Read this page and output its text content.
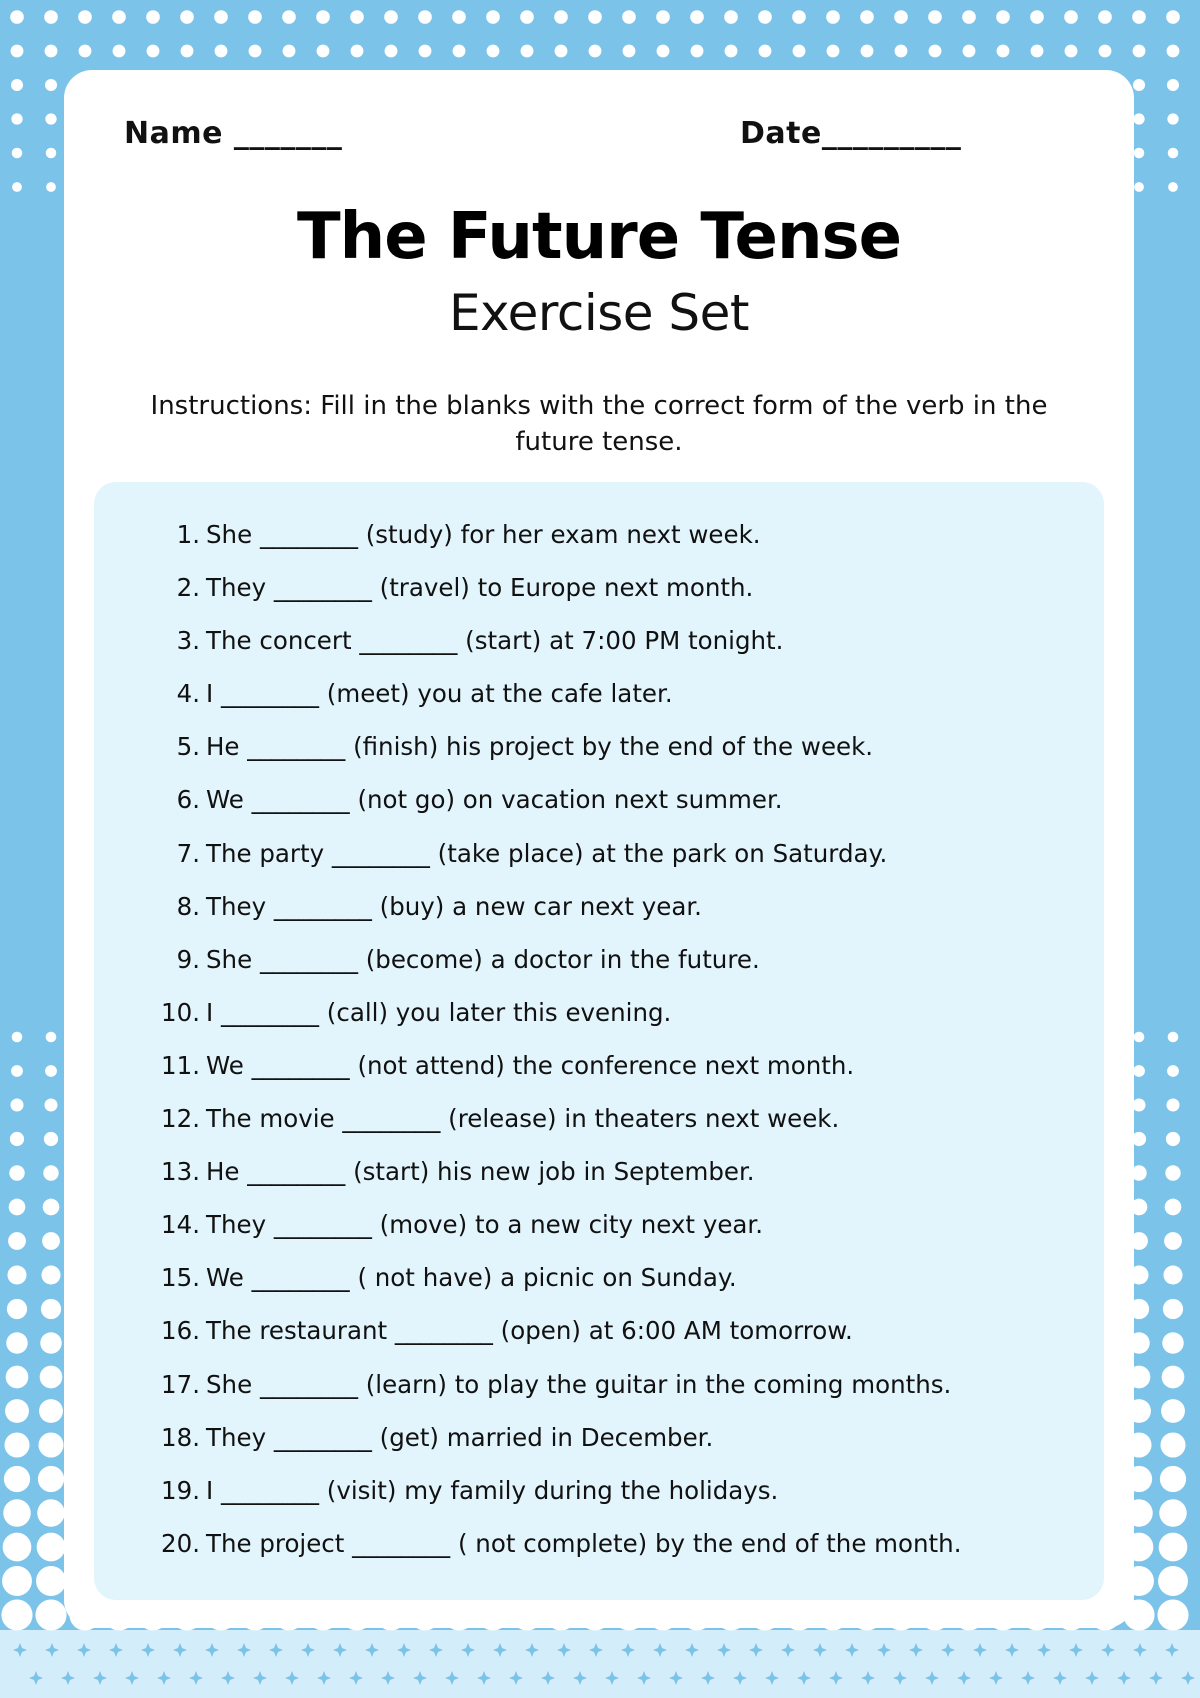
Name _______	Date_________
The Future Tense
Exercise Set
Instructions: Fill in the blanks with the correct form of the verb in the future tense.
1. She ________ (study) for her exam next week.
2. They ________ (travel) to Europe next month.
3. The concert ________ (start) at 7:00 PM tonight.
4. I ________ (meet) you at the cafe later.
5. He ________ (finish) his project by the end of the week.
6. We ________ (not go) on vacation next summer.
7. The party ________ (take place) at the park on Saturday.
8. They ________ (buy) a new car next year.
9. She ________ (become) a doctor in the future.
10. I ________ (call) you later this evening.
11. We ________ (not attend) the conference next month.
12. The movie ________ (release) in theaters next week.
13. He ________ (start) his new job in September.
14. They ________ (move) to a new city next year.
15. We ________ ( not have) a picnic on Sunday.
16. The restaurant ________ (open) at 6:00 AM tomorrow.
17. She ________ (learn) to play the guitar in the coming months.
18. They ________ (get) married in December.
19. I ________ (visit) my family during the holidays.
20. The project ________ ( not complete) by the end of the month.
